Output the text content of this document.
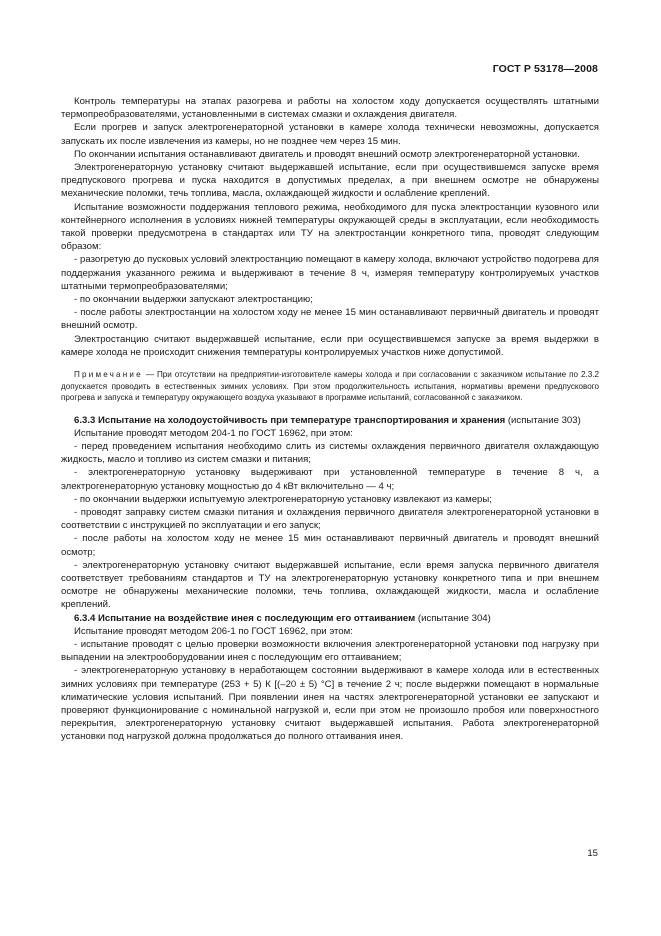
ГОСТ Р 53178—2008

Контроль температуры на этапах разогрева и работы на холостом ходу допускается осуществлять штатными термопреобразователями, установленными в системах смазки и охлаждения двигателя.

Если прогрев и запуск электрогенераторной установки в камере холода технически невозможны, допускается запускать их после извлечения из камеры, но не позднее чем через 15 мин.

По окончании испытания останавливают двигатель и проводят внешний осмотр электрогенераторной установки.

Электрогенераторную установку считают выдержавшей испытание, если при осуществившемся запуске время предпускового прогрева и пуска находится в допустимых пределах, а при внешнем осмотре не обнаружены механические поломки, течь топлива, масла, охлаждающей жидкости и ослабление креплений.

Испытание возможности поддержания теплового режима, необходимого для пуска электростанции кузовного или контейнерного исполнения в условиях нижней температуры окружающей среды в эксплуатации, если необходимость такой проверки предусмотрена в стандартах или ТУ на электростанции конкретного типа, проводят следующим образом:

- разогретую до пусковых условий электростанцию помещают в камеру холода, включают устройство подогрева для поддержания указанного режима и выдерживают в течение 8 ч, измеряя температуру контролируемых участков штатными термопреобразователями;

- по окончании выдержки запускают электростанцию;

- после работы электростанции на холостом ходу не менее 15 мин останавливают первичный двигатель и проводят внешний осмотр.

Электростанцию считают выдержавшей испытание, если при осуществившемся запуске за время выдержки в камере холода не происходит снижения температуры контролируемых участков ниже допустимой.

Примечание — При отсутствии на предприятии-изготовителе камеры холода и при согласовании с заказчиком испытание по 2.3.2 допускается проводить в естественных зимних условиях. При этом продолжительность испытания, нормативы времени предпускового прогрева и запуска и температуру окружающего воздуха указывают в программе испытаний, согласованной с заказчиком.

6.3.3 Испытание на холодоустойчивость при температуре транспортирования и хранения (испытание 303)

Испытание проводят методом 204-1 по ГОСТ 16962, при этом:

- перед проведением испытания необходимо слить из системы охлаждения первичного двигателя охлаждающую жидкость, масло и топливо из систем смазки и питания;

- электрогенераторную установку выдерживают при установленной температуре в течение 8 ч, а электрогенераторную установку мощностью до 4 кВт включительно — 4 ч;

- по окончании выдержки испытуемую электрогенераторную установку извлекают из камеры;

- проводят заправку систем смазки питания и охлаждения первичного двигателя электрогенераторной установки в соответствии с инструкцией по эксплуатации и его запуск;

- после работы на холостом ходу не менее 15 мин останавливают первичный двигатель и проводят внешний осмотр;

- электрогенераторную установку считают выдержавшей испытание, если время запуска первичного двигателя соответствует требованиям стандартов и ТУ на электрогенераторную установку конкретного типа и при внешнем осмотре не обнаружены механические поломки, течь топлива, охлаждающей жидкости, масла и ослабление креплений.

6.3.4 Испытание на воздействие инея с последующим его оттаиванием (испытание 304)

Испытание проводят методом 206-1 по ГОСТ 16962, при этом:

- испытание проводят с целью проверки возможности включения электрогенераторной установки под нагрузку при выпадении на электрооборудовании инея с последующим его оттаиванием;

- электрогенераторную установку в неработающем состоянии выдерживают в камере холода или в естественных зимних условиях при температуре (253 + 5) К [(–20 ± 5) °С] в течение 2 ч; после выдержки помещают в нормальные климатические условия испытаний. При появлении инея на частях электрогенераторной установки ее запускают и проверяют функционирование с номинальной нагрузкой и, если при этом не произошло пробоя или поверхностного перекрытия, электрогенераторную установку считают выдержавшей испытания. Работа электрогенераторной установки под нагрузкой должна продолжаться до полного оттаивания инея.

15
